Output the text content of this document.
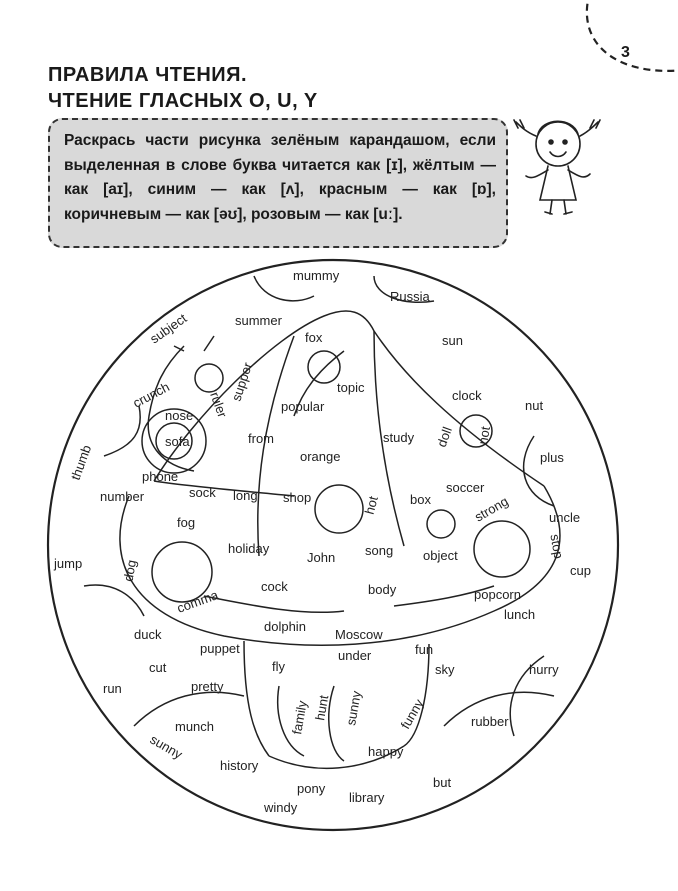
3
ПРАВИЛА ЧТЕНИЯ.
ЧТЕНИЕ ГЛАСНЫХ O, U, Y
Раскрась части рисунка зелёным карандашом, если выделенная в слове буква читается как [ɪ], жёлтым — как [aɪ], синим — как [ʌ], красным — как [ɒ], коричневым — как [əʊ], розовым — как [uː].
mummy
Russia
subject	summer
fox	sun
crunch	supper
ruler
topic
nose
popular
clock
nut
sofa	from	study doll not
thumb	phone
orange	plus
soccer
number	sock long shop	hot box	strong
fog	uncle
holiday
John song object	stop
dog
jump	cup
comma
cock	body	popcorn
lunch
dolphin
Moscow
duck
puppet	under	fun
cut	fly	sky	hurry
run	pretty
family hunt sunny	funny	rubber
munch
happy
sunny
history
pony	but
library
windy
